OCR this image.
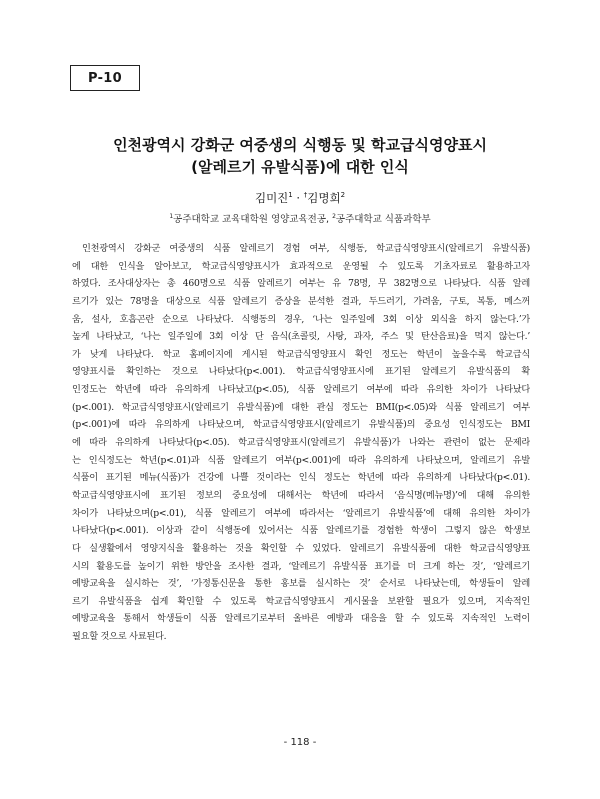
P-10
인천광역시 강화군 여중생의 식행동 및 학교급식영양표시
(알레르기 유발식품)에 대한 인식
김미진$^1$ · †김명희$^2$
$^1$공주대학교 교육대학원 영양교육전공, $^2$공주대학교 식품과학부
인천광역시 강화군 여중생의 식품 알레르기 경험 여부, 식행동, 학교급식영양표시(알레르기 유발식품)
에 대한 인식을 알아보고, 학교급식영양표시가 효과적으로 운영될 수 있도록 기초자료로 활용하고자
하였다. 조사대상자는 총 460명으로 식품 알레르기 여부는 유 78명, 무 382명으로 나타났다. 식품 알레
르기가 있는 78명을 대상으로 식품 알레르기 증상을 분석한 결과, 두드러기, 가려움, 구토, 복통, 메스꺼
움, 설사, 호흡곤란 순으로 나타났다. 식행동의 경우, ‘나는 일주일에 3회 이상 외식을 하지 않는다.’가
높게 나타났고, ‘나는 일주일에 3회 이상 단 음식(초콜릿, 사탕, 과자, 주스 및 탄산음료)을 먹지 않는다.’
가 낮게 나타났다. 학교 홈페이지에 게시된 학교급식영양표시 확인 정도는 학년이 높을수록 학교급식
영양표시를 확인하는 것으로 나타났다(p<.001). 학교급식영양표시에 표기된 알레르기 유발식품의 확
인정도는 학년에 따라 유의하게 나타났고(p<.05), 식품 알레르기 여부에 따라 유의한 차이가 나타났다
(p<.001). 학교급식영양표시(알레르기 유발식품)에 대한 관심 정도는 BMI(p<.05)와 식품 알레르기 여부
(p<.001)에 따라 유의하게 나타났으며, 학교급식영양표시(알레르기 유발식품)의 중요성 인식정도는 BMI
에 따라 유의하게 나타났다(p<.05). 학교급식영양표시(알레르기 유발식품)가 나와는 관련이 없는 문제라
는 인식정도는 학년(p<.01)과 식품 알레르기 여부(p<.001)에 따라 유의하게 나타났으며, 알레르기 유발
식품이 표기된 메뉴(식품)가 건강에 나쁠 것이라는 인식 정도는 학년에 따라 유의하게 나타났다(p<.01).
학교급식영양표시에 표기된 정보의 중요성에 대해서는 학년에 따라서 ‘음식명(메뉴명)’에 대해 유의한
차이가 나타났으며(p<.01), 식품 알레르기 여부에 따라서는 ‘알레르기 유발식품’에 대해 유의한 차이가
나타났다(p<.001). 이상과 같이 식행동에 있어서는 식품 알레르기를 경험한 학생이 그렇지 않은 학생보
다 실생활에서 영양지식을 활용하는 것을 확인할 수 있었다. 알레르기 유발식품에 대한 학교급식영양표
시의 활용도를 높이기 위한 방안을 조사한 결과, ‘알레르기 유발식품 표기를 더 크게 하는 것’, ‘알레르기
예방교육을 실시하는 것’, ‘가정통신문을 통한 홍보를 실시하는 것’ 순서로 나타났는데, 학생들이 알레
르기 유발식품을 쉽게 확인할 수 있도록 학교급식영양표시 게시물을 보완할 필요가 있으며, 지속적인
예방교육을 통해서 학생들이 식품 알레르기로부터 올바른 예방과 대응을 할 수 있도록 지속적인 노력이
필요할 것으로 사료된다.
- 118 -
